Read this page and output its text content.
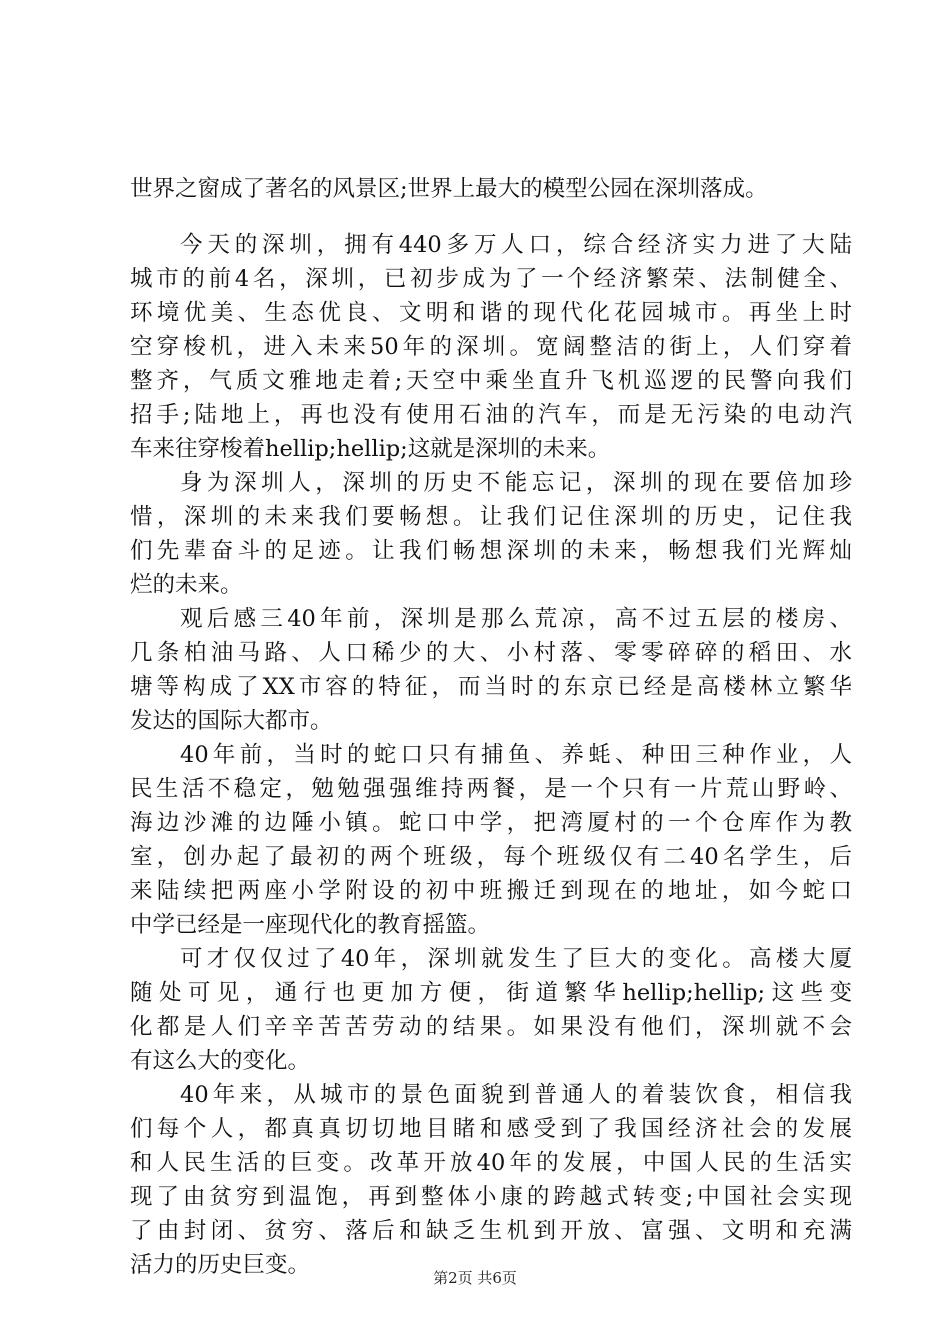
世界之窗成了著名的风景区;世界上最大的模型公园在深圳落成。
今天的深圳，拥有440多万人口，综合经济实力进了大陆
城市的前4名，深圳，已初步成为了一个经济繁荣、法制健全、
环境优美、生态优良、文明和谐的现代化花园城市。再坐上时
空穿梭机，进入未来50年的深圳。宽阔整洁的街上，人们穿着
整齐，气质文雅地走着;天空中乘坐直升飞机巡逻的民警向我们
招手;陆地上，再也没有使用石油的汽车，而是无污染的电动汽
车来往穿梭着hellip;hellip;这就是深圳的未来。
身为深圳人，深圳的历史不能忘记，深圳的现在要倍加珍
惜，深圳的未来我们要畅想。让我们记住深圳的历史，记住我
们先辈奋斗的足迹。让我们畅想深圳的未来，畅想我们光辉灿
烂的未来。
观后感三40年前，深圳是那么荒凉，高不过五层的楼房、
几条柏油马路、人口稀少的大、小村落、零零碎碎的稻田、水
塘等构成了XX市容的特征，而当时的东京已经是高楼林立繁华
发达的国际大都市。
40年前，当时的蛇口只有捕鱼、养蚝、种田三种作业，人
民生活不稳定，勉勉强强维持两餐，是一个只有一片荒山野岭、
海边沙滩的边陲小镇。蛇口中学，把湾厦村的一个仓库作为教
室，创办起了最初的两个班级，每个班级仅有二40名学生，后
来陆续把两座小学附设的初中班搬迁到现在的地址，如今蛇口
中学已经是一座现代化的教育摇篮。
可才仅仅过了40年，深圳就发生了巨大的变化。高楼大厦
随处可见，通行也更加方便，街道繁华hellip;hellip;这些变
化都是人们辛辛苦苦劳动的结果。如果没有他们，深圳就不会
有这么大的变化。
40年来，从城市的景色面貌到普通人的着装饮食，相信我
们每个人，都真真切切地目睹和感受到了我国经济社会的发展
和人民生活的巨变。改革开放40年的发展，中国人民的生活实
现了由贫穷到温饱，再到整体小康的跨越式转变;中国社会实现
了由封闭、贫穷、落后和缺乏生机到开放、富强、文明和充满
活力的历史巨变。	第2页 共6页
